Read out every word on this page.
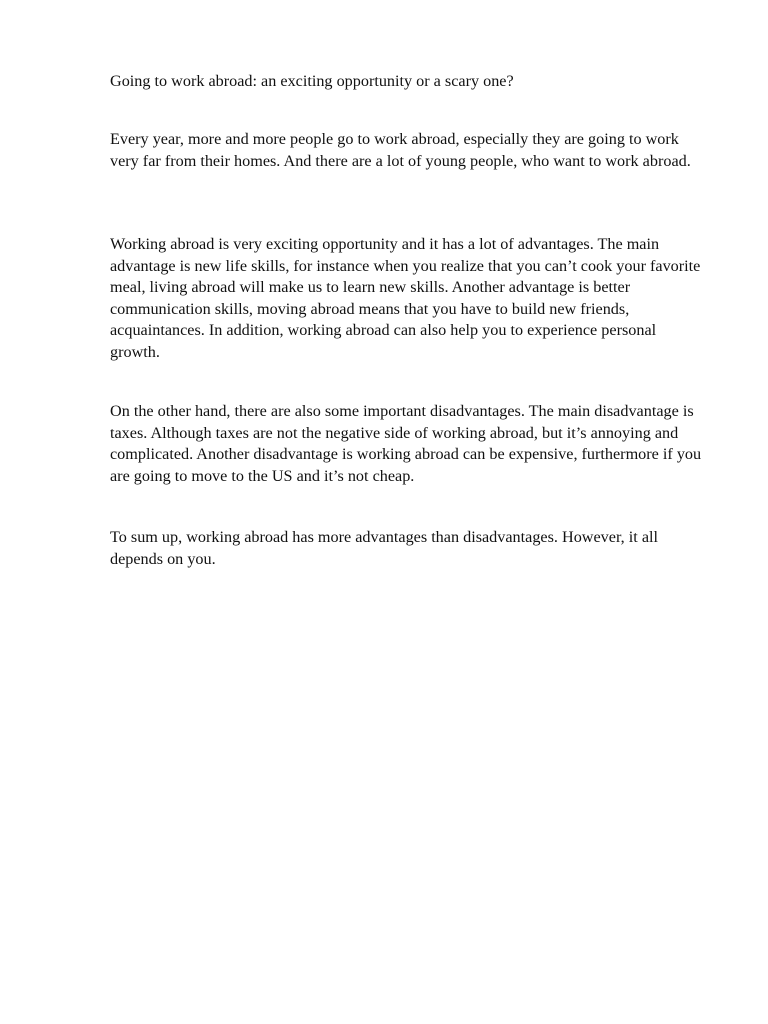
Going to work abroad: an exciting opportunity or a scary one?

Every year, more and more people go to work abroad, especially they are going to work very far from their homes. And there are a lot of young people, who want to work abroad.

Working abroad is very exciting opportunity and it has a lot of advantages. The main advantage is new life skills, for instance when you realize that you can’t cook your favorite meal, living abroad will make us to learn new skills. Another advantage is better communication skills, moving abroad means that you have to build new friends, acquaintances. In addition, working abroad can also help you to experience personal growth.

On the other hand, there are also some important disadvantages. The main disadvantage is taxes. Although taxes are not the negative side of working abroad, but it’s annoying and complicated. Another disadvantage is working abroad can be expensive, furthermore if you are going to move to the US and it’s not cheap.

To sum up, working abroad has more advantages than disadvantages. However, it all depends on you.
